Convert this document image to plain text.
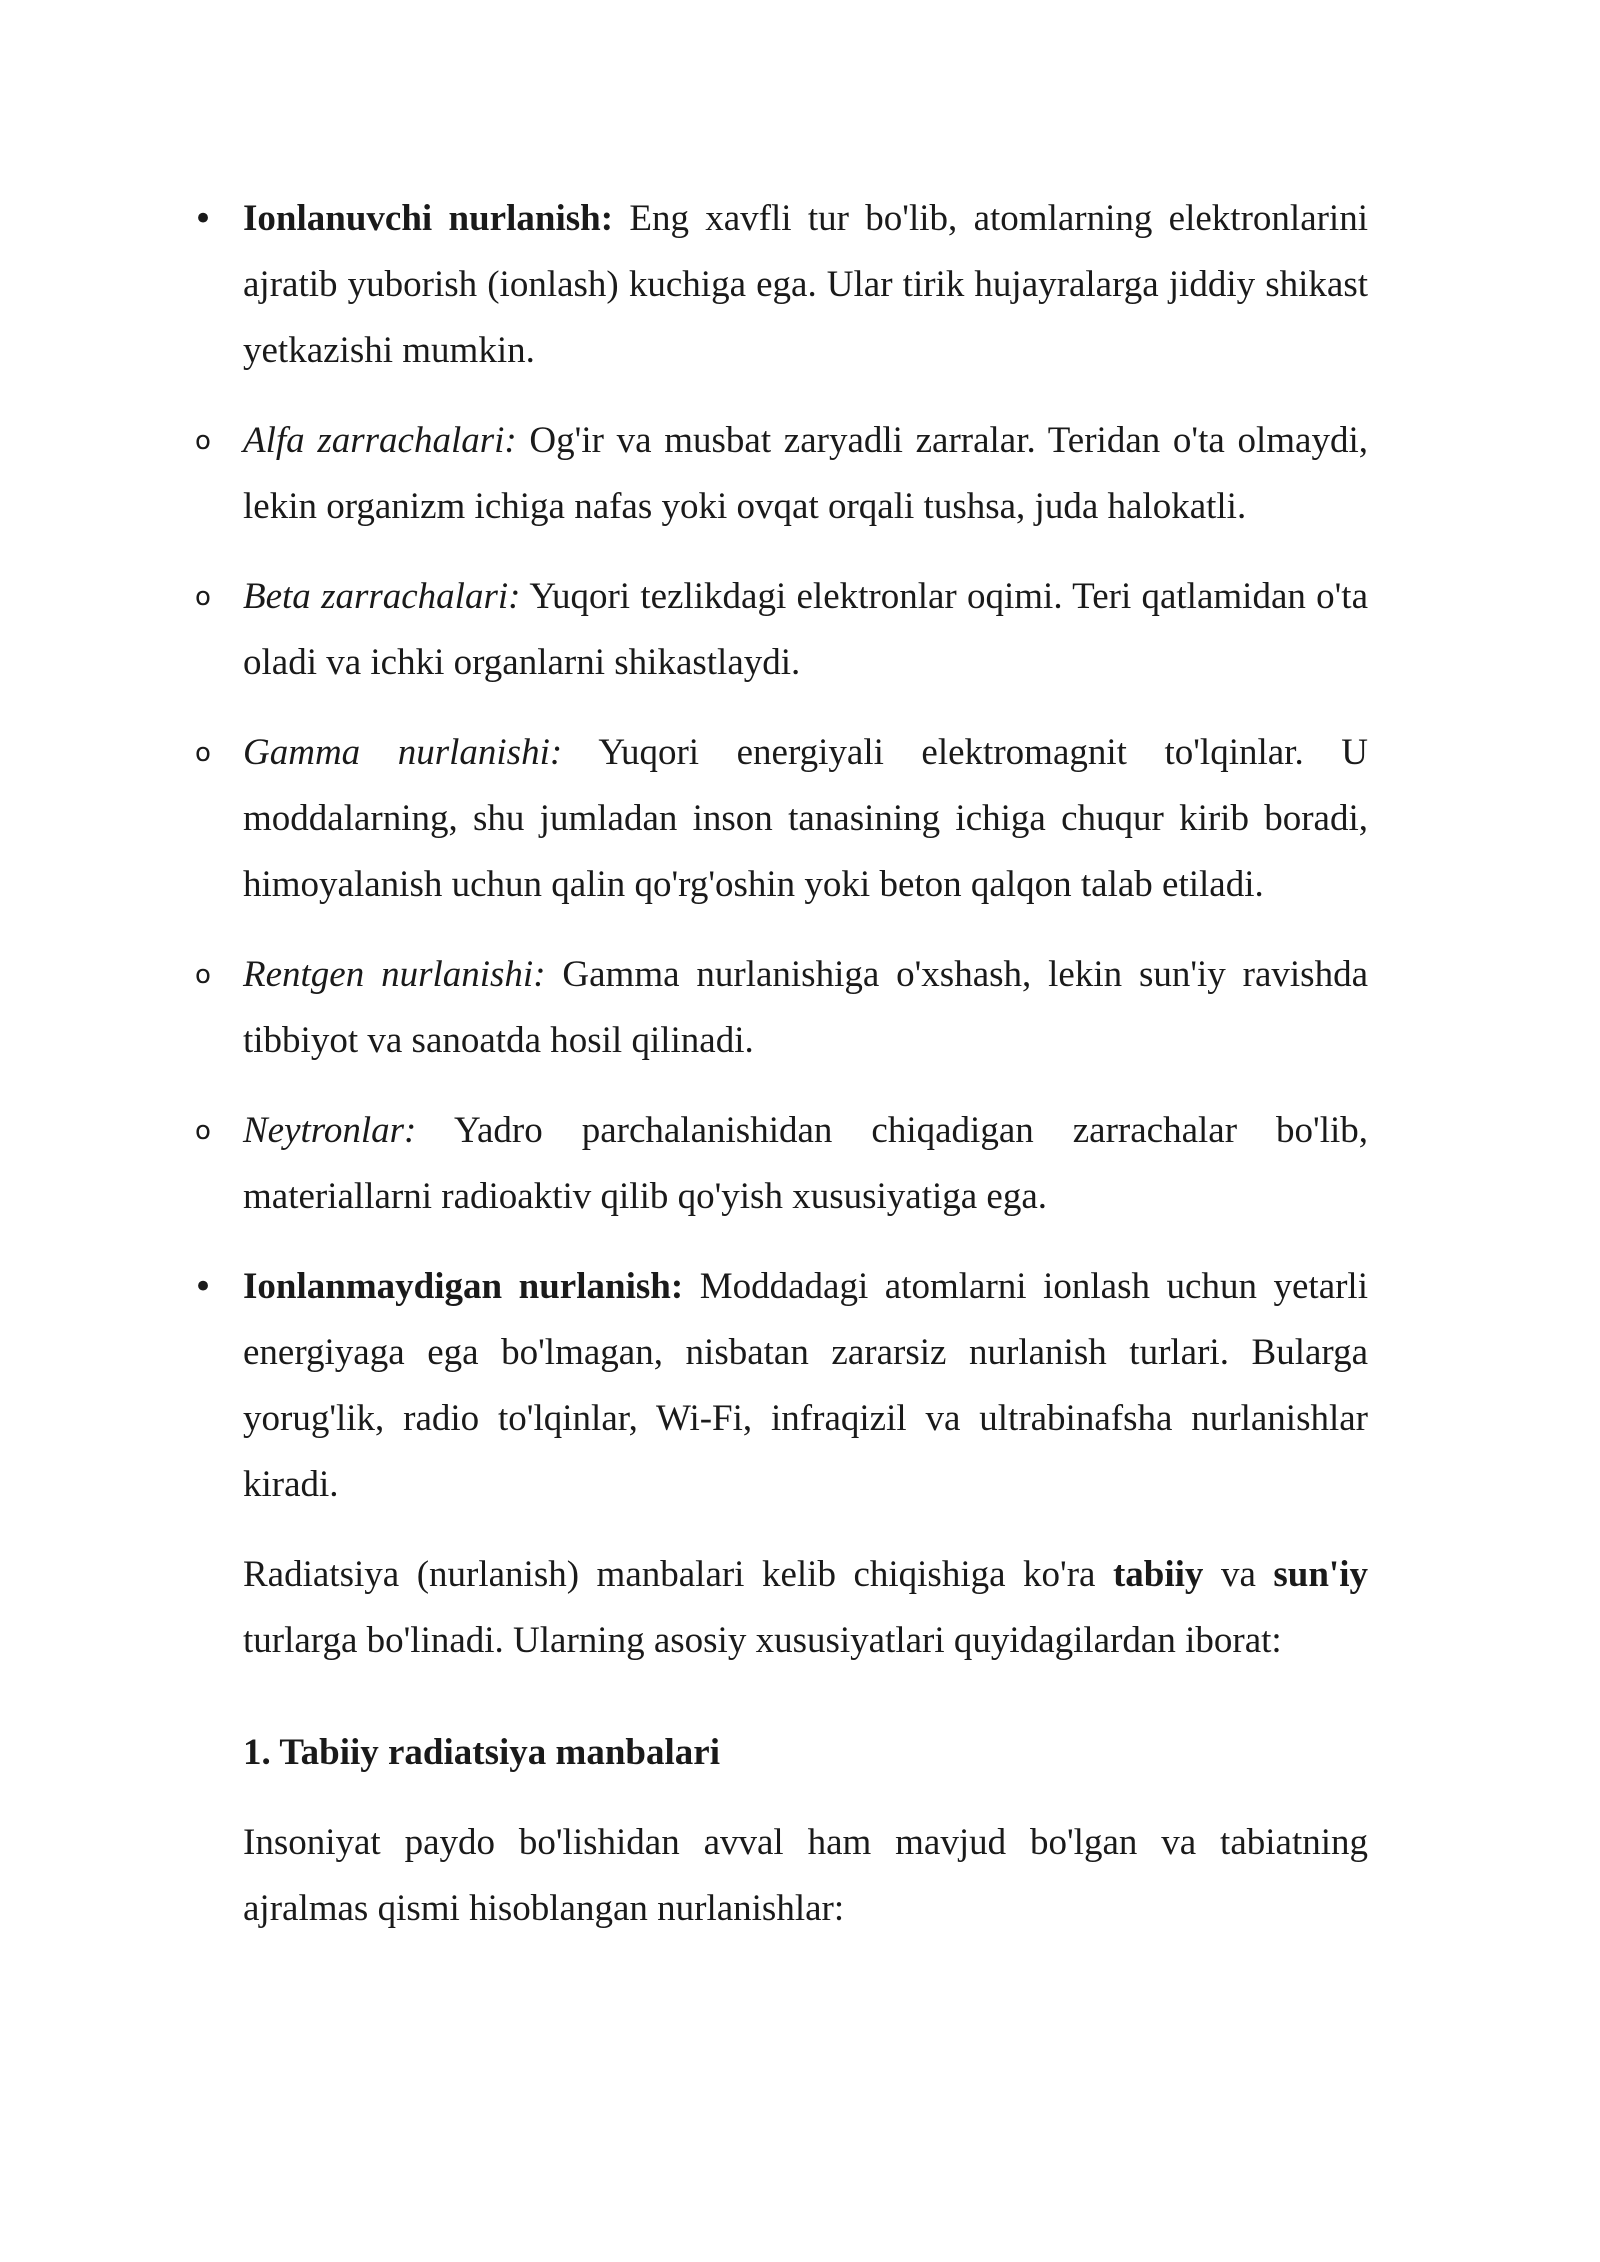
• Ionlanuvchi nurlanish: Eng xavfli tur bo'lib, atomlarning elektronlarini ajratib yuborish (ionlash) kuchiga ega. Ular tirik hujayralarga jiddiy shikast yetkazishi mumkin.
o Alfa zarrachalari: Og'ir va musbat zaryadli zarralar. Teridan o'ta olmaydi, lekin organizm ichiga nafas yoki ovqat orqali tushsa, juda halokatli.
o Beta zarrachalari: Yuqori tezlikdagi elektronlar oqimi. Teri qatlamidan o'ta oladi va ichki organlarni shikastlaydi.
o Gamma nurlanishi: Yuqori energiyali elektromagnit to'lqinlar. U moddalarning, shu jumladan inson tanasining ichiga chuqur kirib boradi, himoyalanish uchun qalin qo'rg'oshin yoki beton qalqon talab etiladi.
o Rentgen nurlanishi: Gamma nurlanishiga o'xshash, lekin sun'iy ravishda tibbiyot va sanoatda hosil qilinadi.
o Neytronlar: Yadro parchalanishidan chiqadigan zarrachalar bo'lib, materiallarni radioaktiv qilib qo'yish xususiyatiga ega.
• Ionlanmaydigan nurlanish: Moddadagi atomlarni ionlash uchun yetarli energiyaga ega bo'lmagan, nisbatan zararsiz nurlanish turlari. Bularga yorug'lik, radio to'lqinlar, Wi-Fi, infraqizil va ultrabinafsha nurlanishlar kiradi.

Radiatsiya (nurlanish) manbalari kelib chiqishiga ko'ra tabiiy va sun'iy turlarga bo'linadi. Ularning asosiy xususiyatlari quyidagilardan iborat:

1. Tabiiy radiatsiya manbalari

Insoniyat paydo bo'lishidan avval ham mavjud bo'lgan va tabiatning ajralmas qismi hisoblangan nurlanishlar:
